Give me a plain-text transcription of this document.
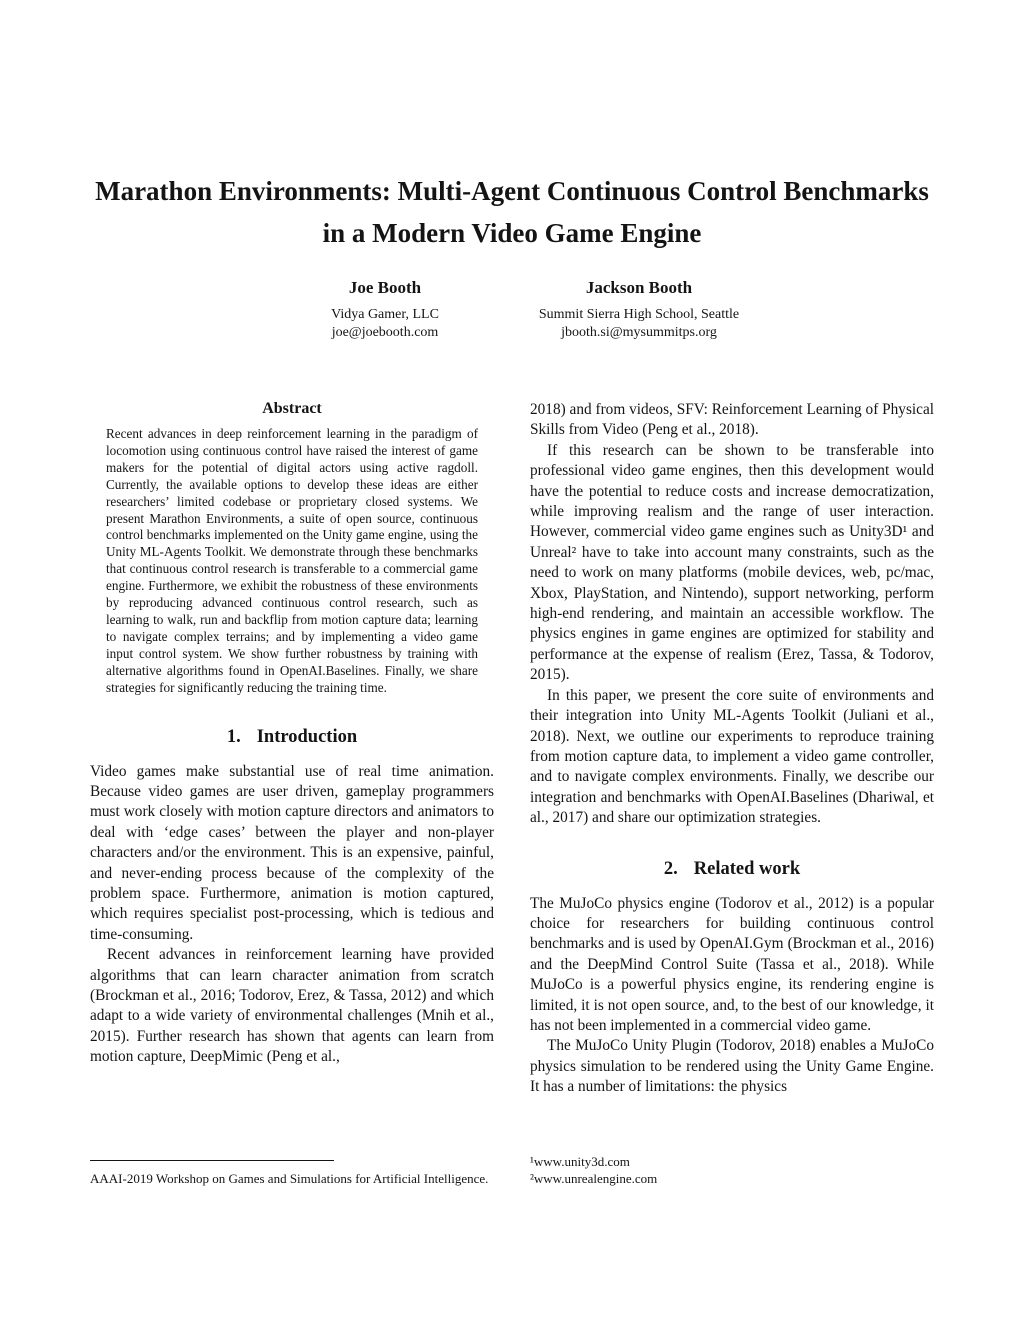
Marathon Environments: Multi-Agent Continuous Control Benchmarks
in a Modern Video Game Engine
Joe Booth
Vidya Gamer, LLC
joe@joebooth.com
Jackson Booth
Summit Sierra High School, Seattle
jbooth.si@mysummitps.org
Abstract

Recent advances in deep reinforcement learning in the paradigm of locomotion using continuous control have raised the interest of game makers for the potential of digital actors using active ragdoll. Currently, the available options to develop these ideas are either researchers’ limited codebase or proprietary closed systems. We present Marathon Environments, a suite of open source, continuous control benchmarks implemented on the Unity game engine, using the Unity ML-Agents Toolkit. We demonstrate through these benchmarks that continuous control research is transferable to a commercial game engine. Furthermore, we exhibit the robustness of these environments by reproducing advanced continuous control research, such as learning to walk, run and backflip from motion capture data; learning to navigate complex terrains; and by implementing a video game input control system. We show further robustness by training with alternative algorithms found in OpenAI.Baselines. Finally, we share strategies for significantly reducing the training time.

1. Introduction

Video games make substantial use of real time animation. Because video games are user driven, gameplay programmers must work closely with motion capture directors and animators to deal with ‘edge cases’ between the player and non-player characters and/or the environment. This is an expensive, painful, and never-ending process because of the complexity of the problem space. Furthermore, animation is motion captured, which requires specialist post-processing, which is tedious and time-consuming.

Recent advances in reinforcement learning have provided algorithms that can learn character animation from scratch (Brockman et al., 2016; Todorov, Erez, & Tassa, 2012) and which adapt to a wide variety of environmental challenges (Mnih et al., 2015). Further research has shown that agents can learn from motion capture, DeepMimic (Peng et al.,

AAAI-2019 Workshop on Games and Simulations for Artificial Intelligence.

2018) and from videos, SFV: Reinforcement Learning of Physical Skills from Video (Peng et al., 2018).

If this research can be shown to be transferable into professional video game engines, then this development would have the potential to reduce costs and increase democratization, while improving realism and the range of user interaction. However, commercial video game engines such as Unity3D¹ and Unreal² have to take into account many constraints, such as the need to work on many platforms (mobile devices, web, pc/mac, Xbox, PlayStation, and Nintendo), support networking, perform high-end rendering, and maintain an accessible workflow. The physics engines in game engines are optimized for stability and performance at the expense of realism (Erez, Tassa, & Todorov, 2015).

In this paper, we present the core suite of environments and their integration into Unity ML-Agents Toolkit (Juliani et al., 2018). Next, we outline our experiments to reproduce training from motion capture data, to implement a video game controller, and to navigate complex environments. Finally, we describe our integration and benchmarks with OpenAI.Baselines (Dhariwal, et al., 2017) and share our optimization strategies.

2. Related work

The MuJoCo physics engine (Todorov et al., 2012) is a popular choice for researchers for building continuous control benchmarks and is used by OpenAI.Gym (Brockman et al., 2016) and the DeepMind Control Suite (Tassa et al., 2018). While MuJoCo is a powerful physics engine, its rendering engine is limited, it is not open source, and, to the best of our knowledge, it has not been implemented in a commercial video game.

The MuJoCo Unity Plugin (Todorov, 2018) enables a MuJoCo physics simulation to be rendered using the Unity Game Engine. It has a number of limitations: the physics

¹www.unity3d.com

²www.unrealengine.com
